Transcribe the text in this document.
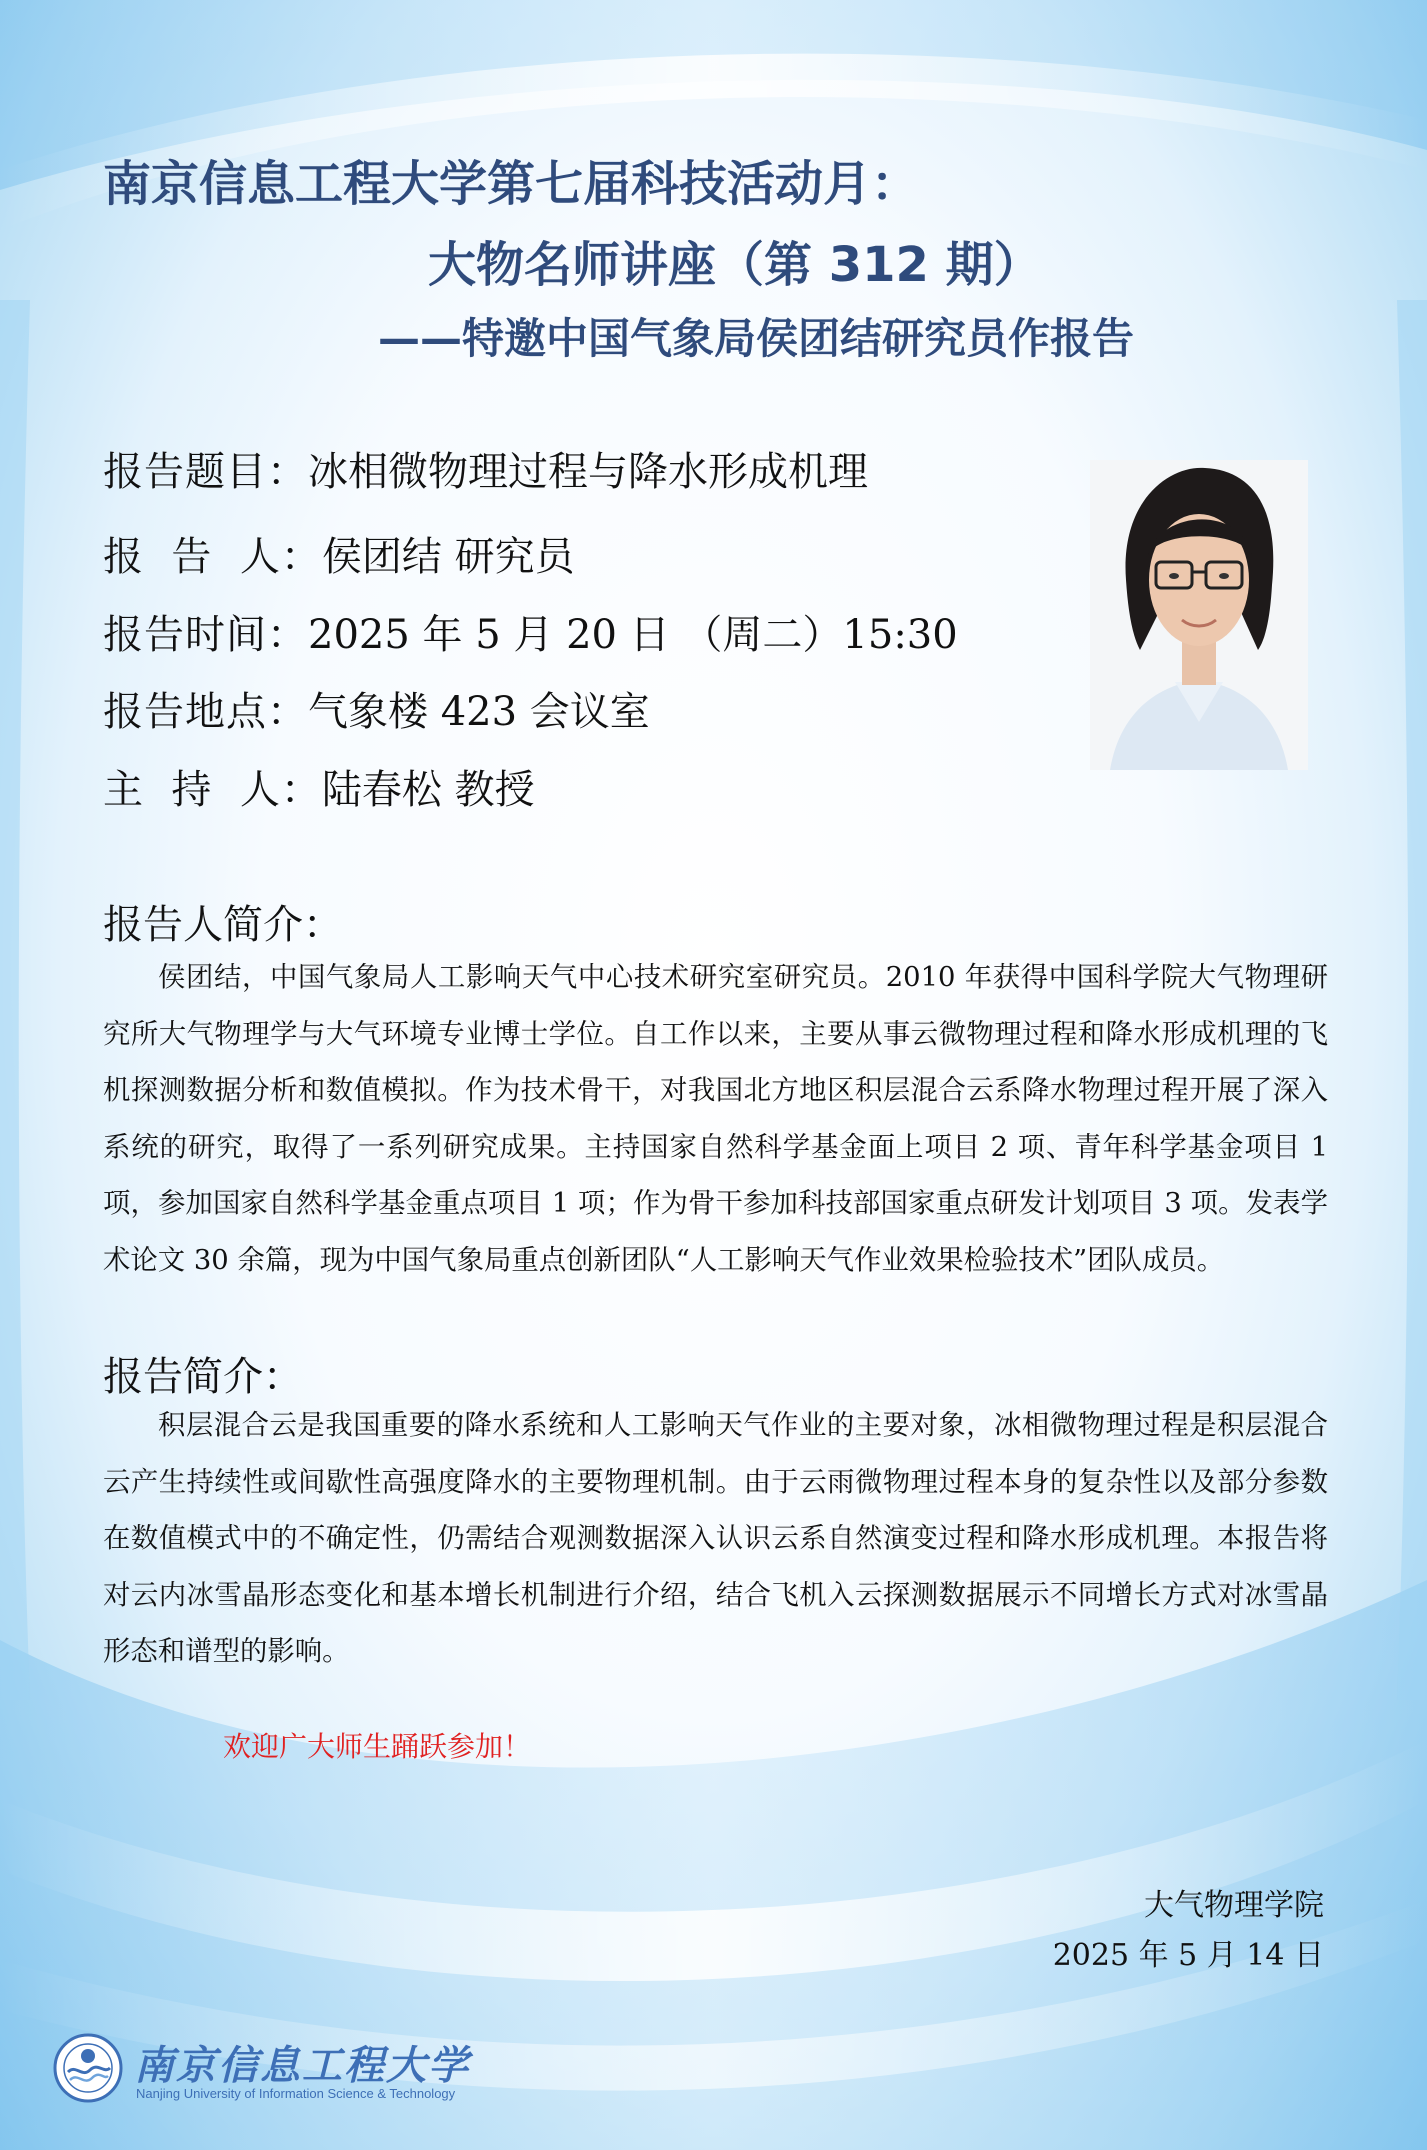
南京信息工程大学第七届科技活动月：
大物名师讲座（第 312 期）
——特邀中国气象局侯团结研究员作报告
报告题目：冰相微物理过程与降水形成机理
报  告  人：侯团结 研究员
报告时间：2025 年 5 月 20 日 （周二）15:30
报告地点：气象楼 423 会议室
主  持  人：陆春松 教授
报告人简介：
侯团结，中国气象局人工影响天气中心技术研究室研究员。2010 年获得中国科学院大气物理研究所大气物理学与大气环境专业博士学位。自工作以来，主要从事云微物理过程和降水形成机理的飞机探测数据分析和数值模拟。作为技术骨干，对我国北方地区积层混合云系降水物理过程开展了深入系统的研究，取得了一系列研究成果。主持国家自然科学基金面上项目 2 项、青年科学基金项目 1 项，参加国家自然科学基金重点项目 1 项；作为骨干参加科技部国家重点研发计划项目 3 项。发表学术论文 30 余篇，现为中国气象局重点创新团队“人工影响天气作业效果检验技术”团队成员。
报告简介：
积层混合云是我国重要的降水系统和人工影响天气作业的主要对象，冰相微物理过程是积层混合云产生持续性或间歇性高强度降水的主要物理机制。由于云雨微物理过程本身的复杂性以及部分参数在数值模式中的不确定性，仍需结合观测数据深入认识云系自然演变过程和降水形成机理。本报告将对云内冰雪晶形态变化和基本增长机制进行介绍，结合飞机入云探测数据展示不同增长方式对冰雪晶形态和谱型的影响。
欢迎广大师生踊跃参加！
大气物理学院
2025 年 5 月 14 日
南京信息工程大学
Nanjing University of Information Science & Technology
